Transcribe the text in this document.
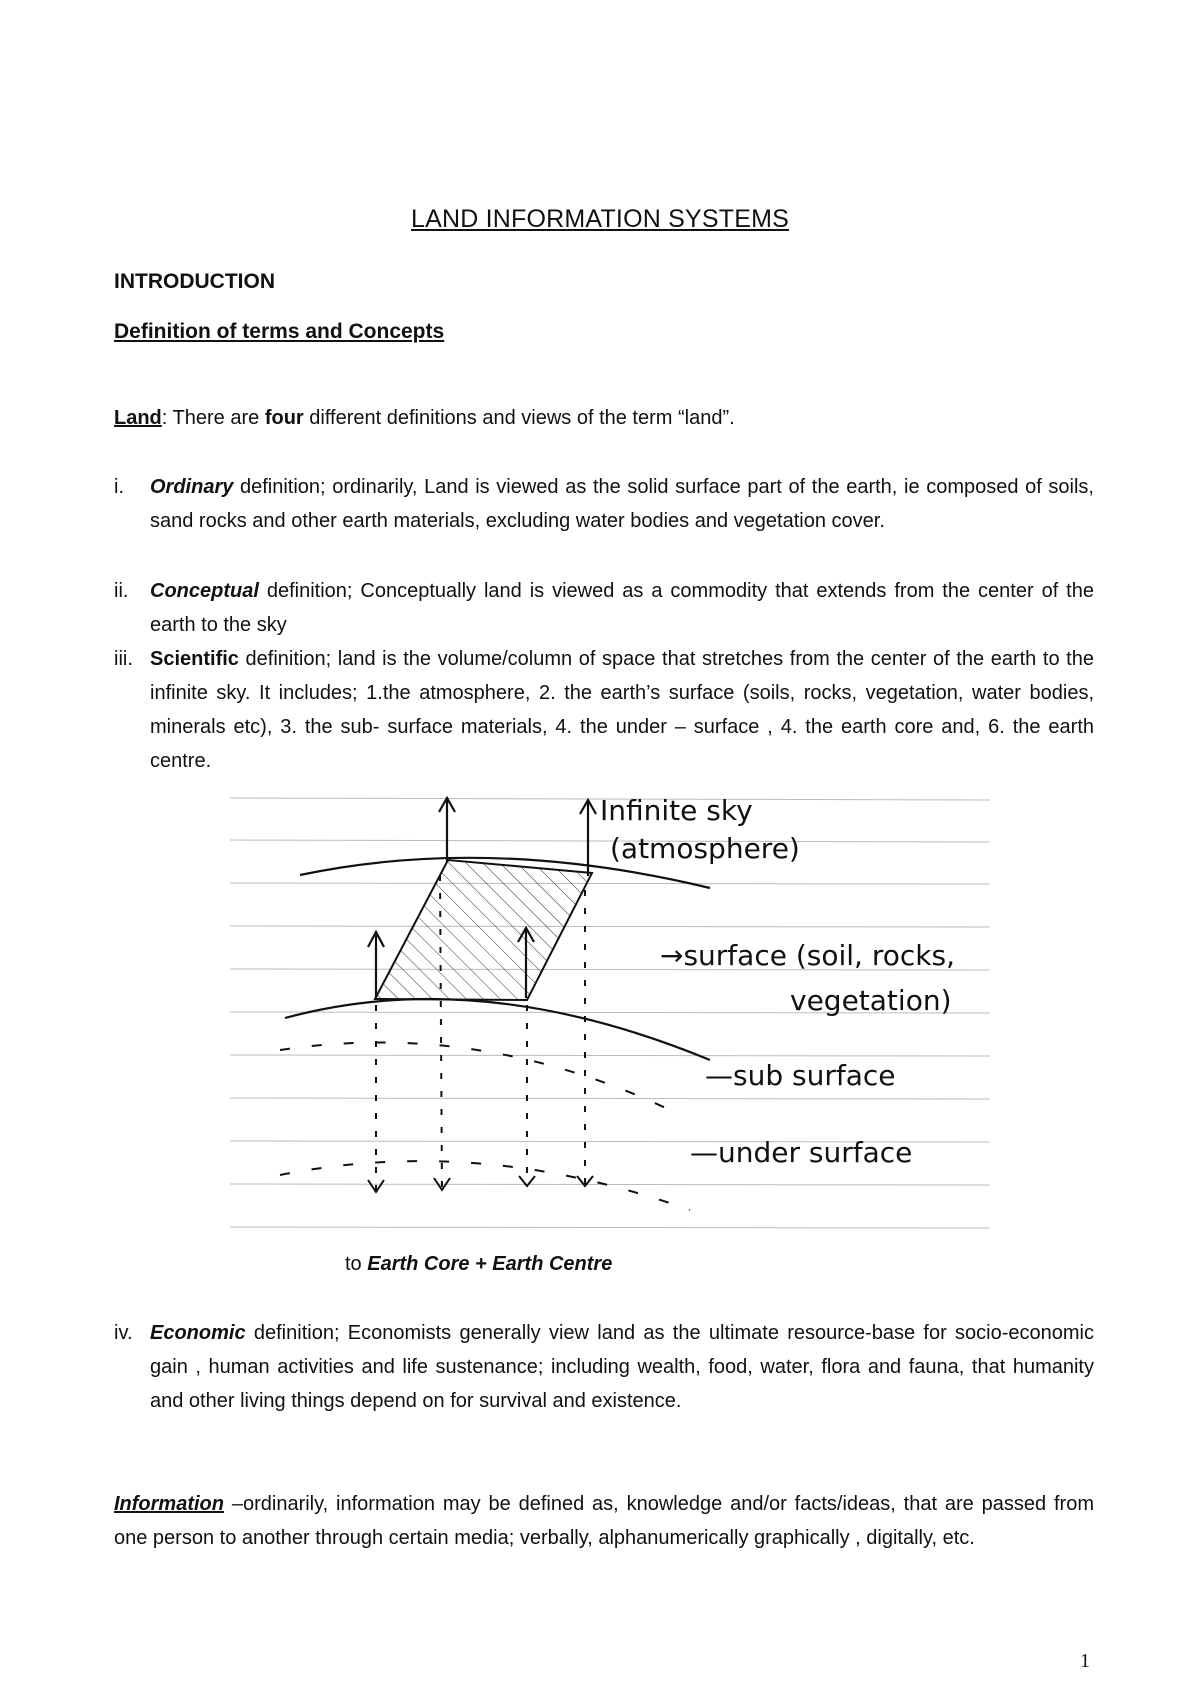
LAND INFORMATION SYSTEMS
INTRODUCTION
Definition of terms and Concepts
Land: There are four different definitions and views of the term “land”.
i. Ordinary definition; ordinarily, Land is viewed as the solid surface part of the earth, ie composed of soils, sand rocks and other earth materials, excluding water bodies and vegetation cover.
ii. Conceptual definition; Conceptually land is viewed as a commodity that extends from the center of the earth to the sky
iii. Scientific definition; land is the volume/column of space that stretches from the center of the earth to the infinite sky. It includes; 1.the atmosphere, 2. the earth’s surface (soils, rocks, vegetation, water bodies, minerals etc), 3. the sub- surface materials, 4. the under – surface , 4. the earth core and, 6. the earth centre.
Infinite sky
(atmosphere)
→surface (soil, rocks,
vegetation)
—sub surface
—under surface
to Earth Core + Earth Centre
iv. Economic definition; Economists generally view land as the ultimate resource-base for socio-economic gain , human activities and life sustenance; including wealth, food, water, flora and fauna, that humanity and other living things depend on for survival and existence.
Information –ordinarily, information may be defined as, knowledge and/or facts/ideas, that are passed from one person to another through certain media; verbally, alphanumerically graphically , digitally, etc.
1
